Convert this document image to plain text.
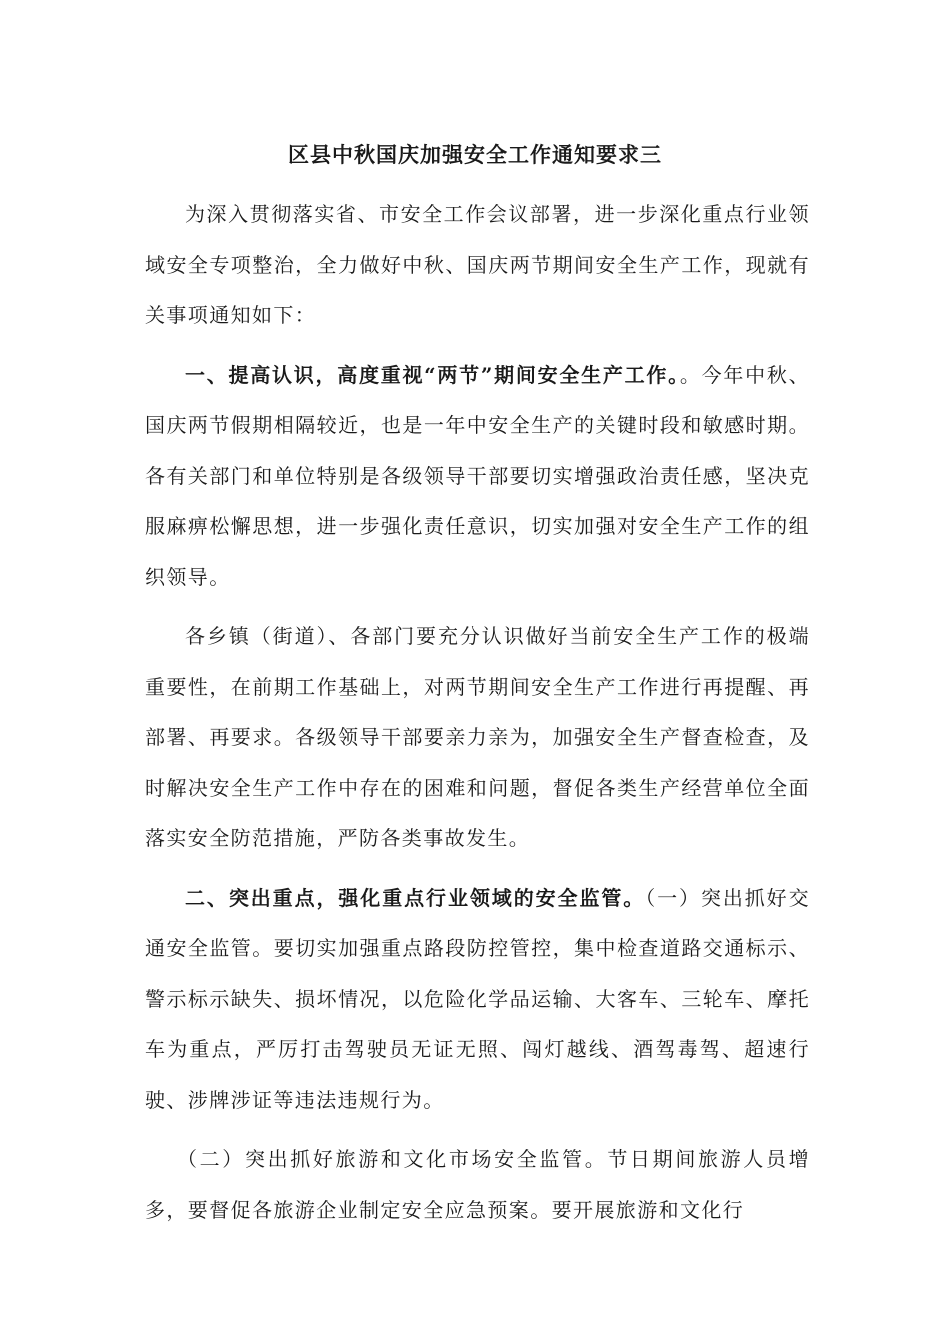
区县中秋国庆加强安全工作通知要求三

为深入贯彻落实省、市安全工作会议部署，进一步深化重点行业领域安全专项整治，全力做好中秋、国庆两节期间安全生产工作，现就有关事项通知如下：

一、提高认识，高度重视“两节”期间安全生产工作。。今年中秋、国庆两节假期相隔较近，也是一年中安全生产的关键时段和敏感时期。各有关部门和单位特别是各级领导干部要切实增强政治责任感，坚决克服麻痹松懈思想，进一步强化责任意识，切实加强对安全生产工作的组织领导。

各乡镇（街道）、各部门要充分认识做好当前安全生产工作的极端重要性，在前期工作基础上，对两节期间安全生产工作进行再提醒、再部署、再要求。各级领导干部要亲力亲为，加强安全生产督查检查，及时解决安全生产工作中存在的困难和问题，督促各类生产经营单位全面落实安全防范措施，严防各类事故发生。

二、突出重点，强化重点行业领域的安全监管。（一）突出抓好交通安全监管。要切实加强重点路段防控管控，集中检查道路交通标示、警示标示缺失、损坏情况，以危险化学品运输、大客车、三轮车、摩托车为重点，严厉打击驾驶员无证无照、闯灯越线、酒驾毒驾、超速行驶、涉牌涉证等违法违规行为。

（二）突出抓好旅游和文化市场安全监管。节日期间旅游人员增多，要督促各旅游企业制定安全应急预案。要开展旅游和文化行
